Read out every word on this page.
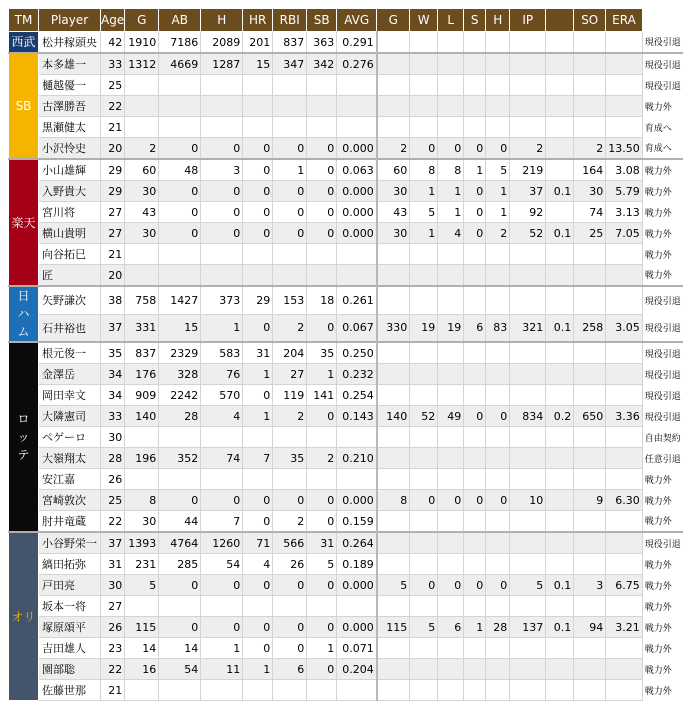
TM	Player	Age	G	AB	H	HR	RBI	SB	AVG	G	W	L	S	H	IP		SO	ERA	
西武	松井稼頭央	42	1910	7186	2089	201	837	363	0.291										現役引退
SB	本多雄一	33	1312	4669	1287	15	347	342	0.276										現役引退
	樋越優一	25																	現役引退
	古澤勝吾	22																	戦力外
	黒瀬健太	21																	育成へ
	小沢怜史	20	2	0	0	0	0	0	0.000	2	0	0	0	0	2		2	13.50	育成へ
楽天	小山雄輝	29	60	48	3	0	1	0	0.063	60	8	8	1	5	219		164	3.08	戦力外
	入野貴大	29	30	0	0	0	0	0	0.000	30	1	1	0	1	37	0.1	30	5.79	戦力外
	宮川将	27	43	0	0	0	0	0	0.000	43	5	1	0	1	92		74	3.13	戦力外
	横山貴明	27	30	0	0	0	0	0	0.000	30	1	4	0	2	52	0.1	25	7.05	戦力外
	向谷拓巳	21																	戦力外
	匠	20																	戦力外
日ハム	矢野謙次	38	758	1427	373	29	153	18	0.261										現役引退
	石井裕也	37	331	15	1	0	2	0	0.067	330	19	19	6	83	321	0.1	258	3.05	現役引退
ロッテ	根元俊一	35	837	2329	583	31	204	35	0.250										現役引退
	金澤岳	34	176	328	76	1	27	1	0.232										現役引退
	岡田幸文	34	909	2242	570	0	119	141	0.254										現役引退
	大隣憲司	33	140	28	4	1	2	0	0.143	140	52	49	0	0	834	0.2	650	3.36	現役引退
	ペゲーロ	30																	自由契約
	大嶺翔太	28	196	352	74	7	35	2	0.210										任意引退
	安江嘉	26																	戦力外
	宮崎敦次	25	8	0	0	0	0	0	0.000	8	0	0	0	0	10		9	6.30	戦力外
	肘井竜蔵	22	30	44	7	0	2	0	0.159										戦力外
オリ	小谷野栄一	37	1393	4764	1260	71	566	31	0.264										現役引退
	縞田拓弥	31	231	285	54	4	26	5	0.189										戦力外
	戸田亮	30	5	0	0	0	0	0	0.000	5	0	0	0	0	5	0.1	3	6.75	戦力外
	坂本一将	27																	戦力外
	塚原頌平	26	115	0	0	0	0	0	0.000	115	5	6	1	28	137	0.1	94	3.21	戦力外
	吉田雄人	23	14	14	1	0	0	1	0.071										戦力外
	園部聡	22	16	54	11	1	6	0	0.204										戦力外
	佐藤世那	21																	戦力外
